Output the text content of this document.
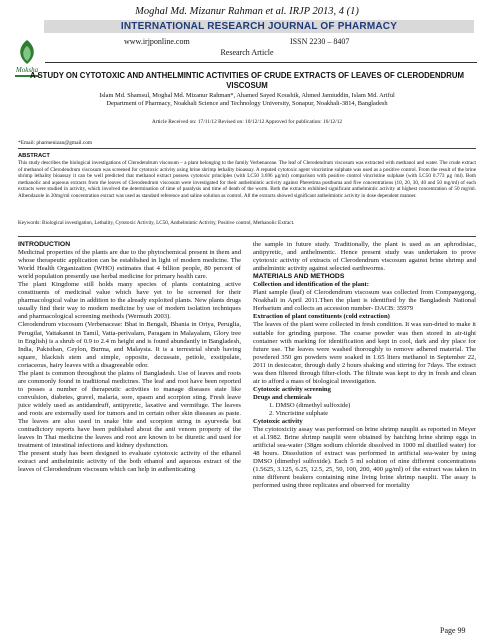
Moghal Md. Mizanur Rahman et al. IRJP 2013, 4 (1)
INTERNATIONAL RESEARCH JOURNAL OF PHARMACY
Moksha
www.irjponline.com	ISSN 2230 – 8407
Research Article
A STUDY ON CYTOTOXIC AND ANTHELMINTIC ACTIVITIES OF CRUDE EXTRACTS OF LEAVES OF CLERODENDRUM VISCOSUM
Islam Md. Shamsul, Moghal Md. Mizanur Rahman*, Ahamed Sayed Koushik, Ahmed Jamiuddin, Islam Md. Ariful
Department of Pharmacy, Noakhali Science and Technology University, Sonapur, Noakhali-3814, Bangladesh
Article Received on: 17/11/12 Revised on: 10/12/12 Approved for publication: 16/12/12
*Email: pharmenizan@gmail.com
ABSTRACT
This study describes the biological investigations of Clerodendrum viscosum – a plant belonging to the family Verbenaceae. The leaf of Clerodendrum viscosum was extracted with methanol and water. The crude extract of methanol of Clerodendrum viscosum was screened for cytotoxic activity using brine shrimp lethality bioassay. A reputed cytotoxic agent vincristine sulphate was used as a positive control. From the result of the brine shrimp lethality bioassay it can be well predicted that methanol extract possess cytotoxic principles (with LC50 3.696 µg/ml) comparison with positive control vincristine sulphate (with LC50 0.773 µg /ml). Both methanolic and aqueous extracts from the leaves of Clerodendrum viscosum were investigated for their anthelmintic activity against Pheretima posthuma and five concentrations (10, 20, 30, 40 and 50 mg/ml) of each extracts were studied in activity, which involved the determination of time of paralysis and time of death of the worm. Both the extracts exhibited significant anthelmintic activity at highest concentration of 50 mg/ml. Albendazole in 20mg/ml concentration extract was used as standard reference and saline solution as control. All the extracts showed significant anthelmintic activity in dose dependent manner.
Keywords: Biological investigation, Lethality, Cytotoxic Activity, LC50, Anthelmintic Activity, Positive control, Methanolic Extract.

INTRODUCTION

Medicinal properties of the plants are due to the phytochemical present in them and whose therapeutic application can be established in light of modern medicine. The World Health Organization (WHO) estimates that 4 billion people, 80 percent of world population presently use herbal medicine for primary health care.

The plant Kingdome still holds many species of plants containing active constituents of medicinal value which have yet to be screened for their pharmacological value in addition to the already exploited plants. New plants drugs usually find their way to modern medicine by use of modern isolation techniques and pharmacological screening methods (Wermuth 2003).

Clerodendrum viscosum (Verbenaceae: Bhat in Bengali, Bhania in Oriya, Peruglia, Perugilai, Vattakanni in Tamil, Vatta-perivalam, Paragam in Malayalam, Glory tree in English) is a shrub of 0.9 to 2.4 m height and is found abundantly in Bangladesh, India, Pakisthan, Ceylon, Burma, and Malaysia. It is a terrestrial shrub having square, blackish stem and simple, opposite, decussate, petiole, exstipulate, coriaceous, hairy leaves with a disagreeable odor.

The plant is common throughout the plains of Bangladesh. Use of leaves and roots are commonly found in traditional medicines. The leaf and root have been reported to posses a number of therapeutic activities to manage diseases state like convulsion, diabetes, gravel, malaria, sore, spasm and scorpion sting. Fresh leave juice widely used as antidandruff, antipyretic, laxative and vermifuge. The leaves and roots are externally used for tumors and in certain other skin diseases as paste. The leaves are also used in snake bite and scorpion string in ayurveda but contradictory reports have been published about the anti venom property of the leaves In Thai medicine the leaves and root are known to be diuretic and used for treatment of intestinal infections and kidney dysfunction.

The present study has been designed to evaluate cytotoxic activity of the ethanol extract and anthelmintic activity of the both ethanol and aqueous extract of the leaves of Clerodendrum viscosum which can help in authenticating

the sample in future study. Traditionally, the plant is used as an aphrodisiac, antipyretic, and anthelmentic. Hence present study was undertaken to prove cytotoxic activity of extracts of Clerodendrum viscosum against brine shrimp and anthelmintic activity against selected earthworms.

MATERIALS AND METHODS

Collection and identification of the plant:

Plant sample (leaf) of Clerodendrum viscosum was collected from Companygong, Noakhali in April 2011.Then the plant is identified by the Bangladesh National Herbarium and collects an accession number- DACB: 35979

Extraction of plant constituents (cold extraction)

The leaves of the plant were collected in fresh condition. It was sun-dried to make it suitable for grinding purpose. The coarse powder was then stored in air-tight container with marking for identification and kept in cool, dark and dry place for future use. The leaves were washed thoroughly to remove adhered material. The powdered 350 gm powders were soaked in 1.65 liters methanol in September 22, 2011 in desiccator, through daily 2 hours shaking and stirring for 7days. The extract was then filtered through filter-cloth. The filtrate was kept to dry in fresh and clean air to afford a mass of biological investigation.

Cytotoxic activity screening

Drugs and chemicals

1. DMSO (dimethyl sulfoxide)

2. Vincristine sulphate

Cytotoxic activity

The cytotoxicity assay was performed on brine shrimp nauplii as reported in Meyer et al.1982. Brine shrimp nauplii were obtained by hatching brine shrimp eggs in artificial sea-water (38gm sodium chloride dissolved in 1000 ml distilled water) for 48 hours. Dissolution of extract was performed in artificial sea-water by using DMSO (dimethyl sulfoxide). Each 5 ml solution of nine different concentrations (1.5625, 3.125, 6.25, 12.5, 25, 50, 100, 200, 400 µg/ml) of the extract was taken in nine different beakers containing nine living brine shrimp nauplii. The assay is performed using three replicates and observed for mortality

Page 99
